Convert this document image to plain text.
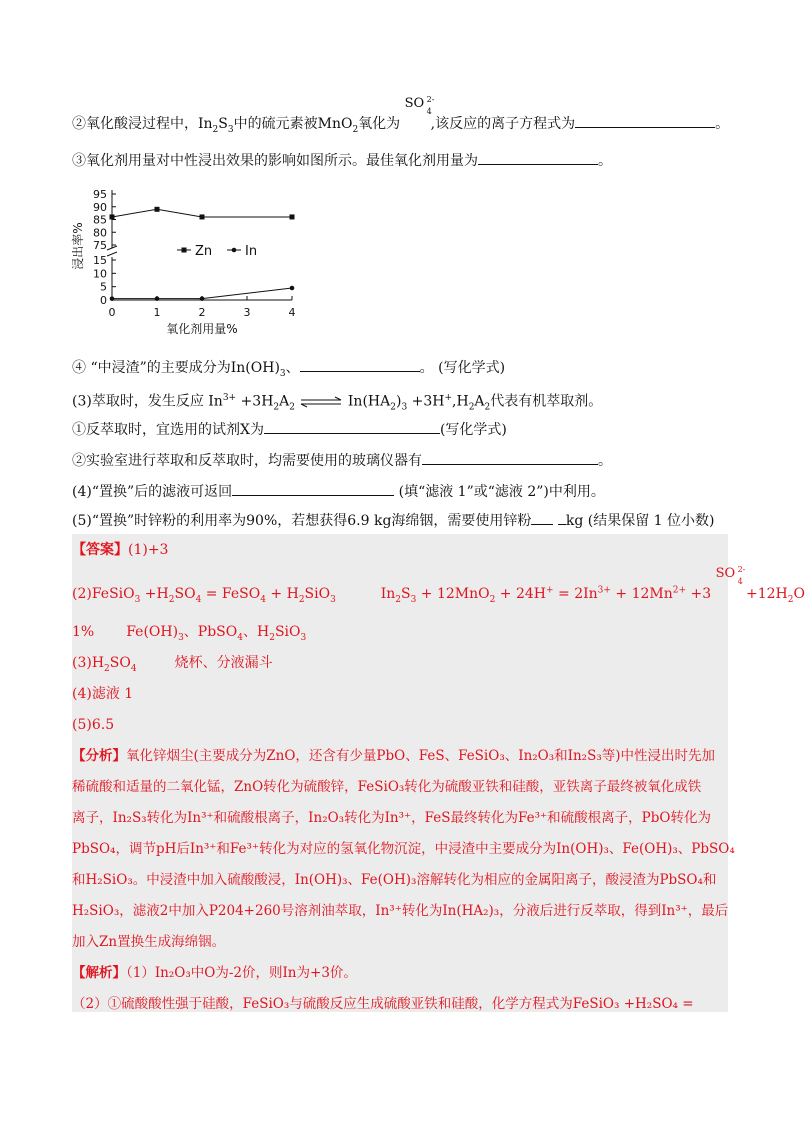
②氧化酸浸过程中，$In_2S_3$中的硫元素被MnO$_2$氧化为
SO 2-
4
,该反应的离子方程式为	。
③氧化剂用量对中性浸出效果的影响如图所示。最佳氧化剂用量为	。
95
90
85
80
75
15
10
5
0
0	1	2	3	4
氧化剂用量%
浸出率%	Zn	In
④ “中浸渣”的主要成分为$In(OH)_3$、	。 (写化学式)
(3)萃取时，发生反应 $In^{3+} +3H_2A_2$ ⇌ $In(HA_2)_3 +3H^+,H_2A_2$代表有机萃取剂。
①反萃取时，宜选用的试剂X为	(写化学式)
②实验室进行萃取和反萃取时，均需要使用的玻璃仪器有	。
(4)“置换”后的滤液可返回	(填“滤液 1”或“滤液 2”)中利用。
(5)“置换”时锌粉的利用率为90%，若想获得6.9 kg海绵铟，需要使用锌粉 kg (结果保留 1 位小数)
【答案】(1)+3
(2)FeSiO$_3$ $+H_2SO_4$ = FeSO$_4$ + $H_2SiO_3$	$In_2S_3 + 12MnO_2 + 24H^+ = 2In^{3+} + 12Mn^{2+} +3$
SO 2-
4
$+12H_2O$
1% $Fe(OH)_3$、PbSO$_4$、$H_2SiO_3$
$(3)H_2SO_4$	烧杯、分液漏斗
(4)滤液 1
(5)6.5
【分析】氧化锌烟尘(主要成分为ZnO，还含有少量PbO、FeS、FeSiO₃、In₂O₃和In₂S₃等)中性浸出时先加
稀硫酸和适量的二氧化锰，ZnO转化为硫酸锌，FeSiO₃转化为硫酸亚铁和硅酸，亚铁离子最终被氧化成铁
离子，In₂S₃转化为In³⁺和硫酸根离子，In₂O₃转化为In³⁺，FeS最终转化为Fe³⁺和硫酸根离子，PbO转化为
PbSO₄，调节pH后In³⁺和Fe³⁺转化为对应的氢氧化物沉淀，中浸渣中主要成分为In(OH)₃、Fe(OH)₃、PbSO₄
和H₂SiO₃。中浸渣中加入硫酸酸浸，In(OH)₃、Fe(OH)₃溶解转化为相应的金属阳离子，酸浸渣为PbSO₄和
H₂SiO₃，滤液2中加入P204+260号溶剂油萃取，In³⁺转化为In(HA₂)₃，分液后进行反萃取，得到In³⁺，最后
加入Zn置换生成海绵铟。
【解析】（1）In₂O₃中O为-2价，则In为+3价。
（2）①硫酸酸性强于硅酸，FeSiO₃与硫酸反应生成硫酸亚铁和硅酸，化学方程式为FeSiO₃ +H₂SO₄ =
